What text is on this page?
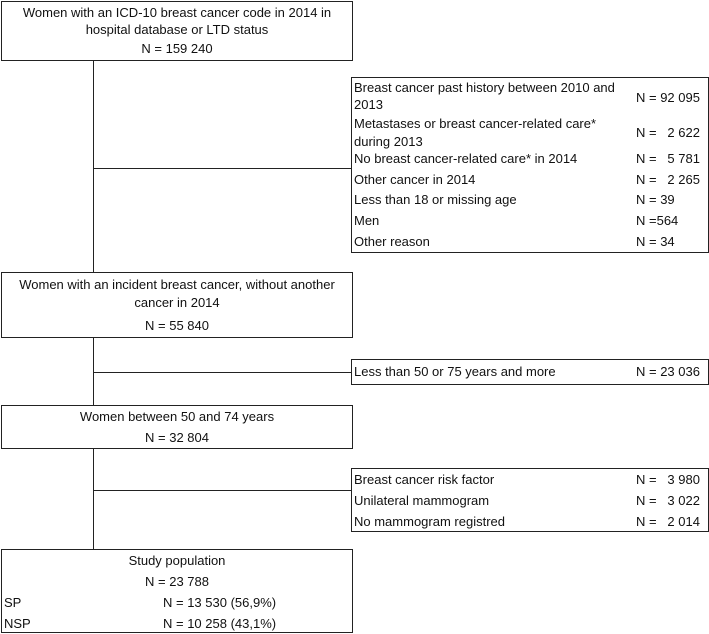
Women with an ICD-10 breast cancer code in 2014 in
hospital database or LTD status
N = 159 240
Breast cancer past history between 2010 and
2013	N = 92 095
Metastases or breast cancer-related care*
during 2013
N =   2 622
No breast cancer-related care* in 2014	N =   5 781
Other cancer in 2014	N =   2 265
Less than 18 or missing age	N = 39
Men	N =564
Other reason	N = 34
Women with an incident breast cancer, without another
cancer in 2014
N = 55 840
Less than 50 or 75 years and more	N = 23 036
Women between 50 and 74 years
N = 32 804
Breast cancer risk factor	N =   3 980
Unilateral mammogram	N =   3 022
No mammogram registred	N =   2 014
Study population
N = 23 788
SP	N = 13 530 (56,9%)
NSP	N = 10 258 (43,1%)
